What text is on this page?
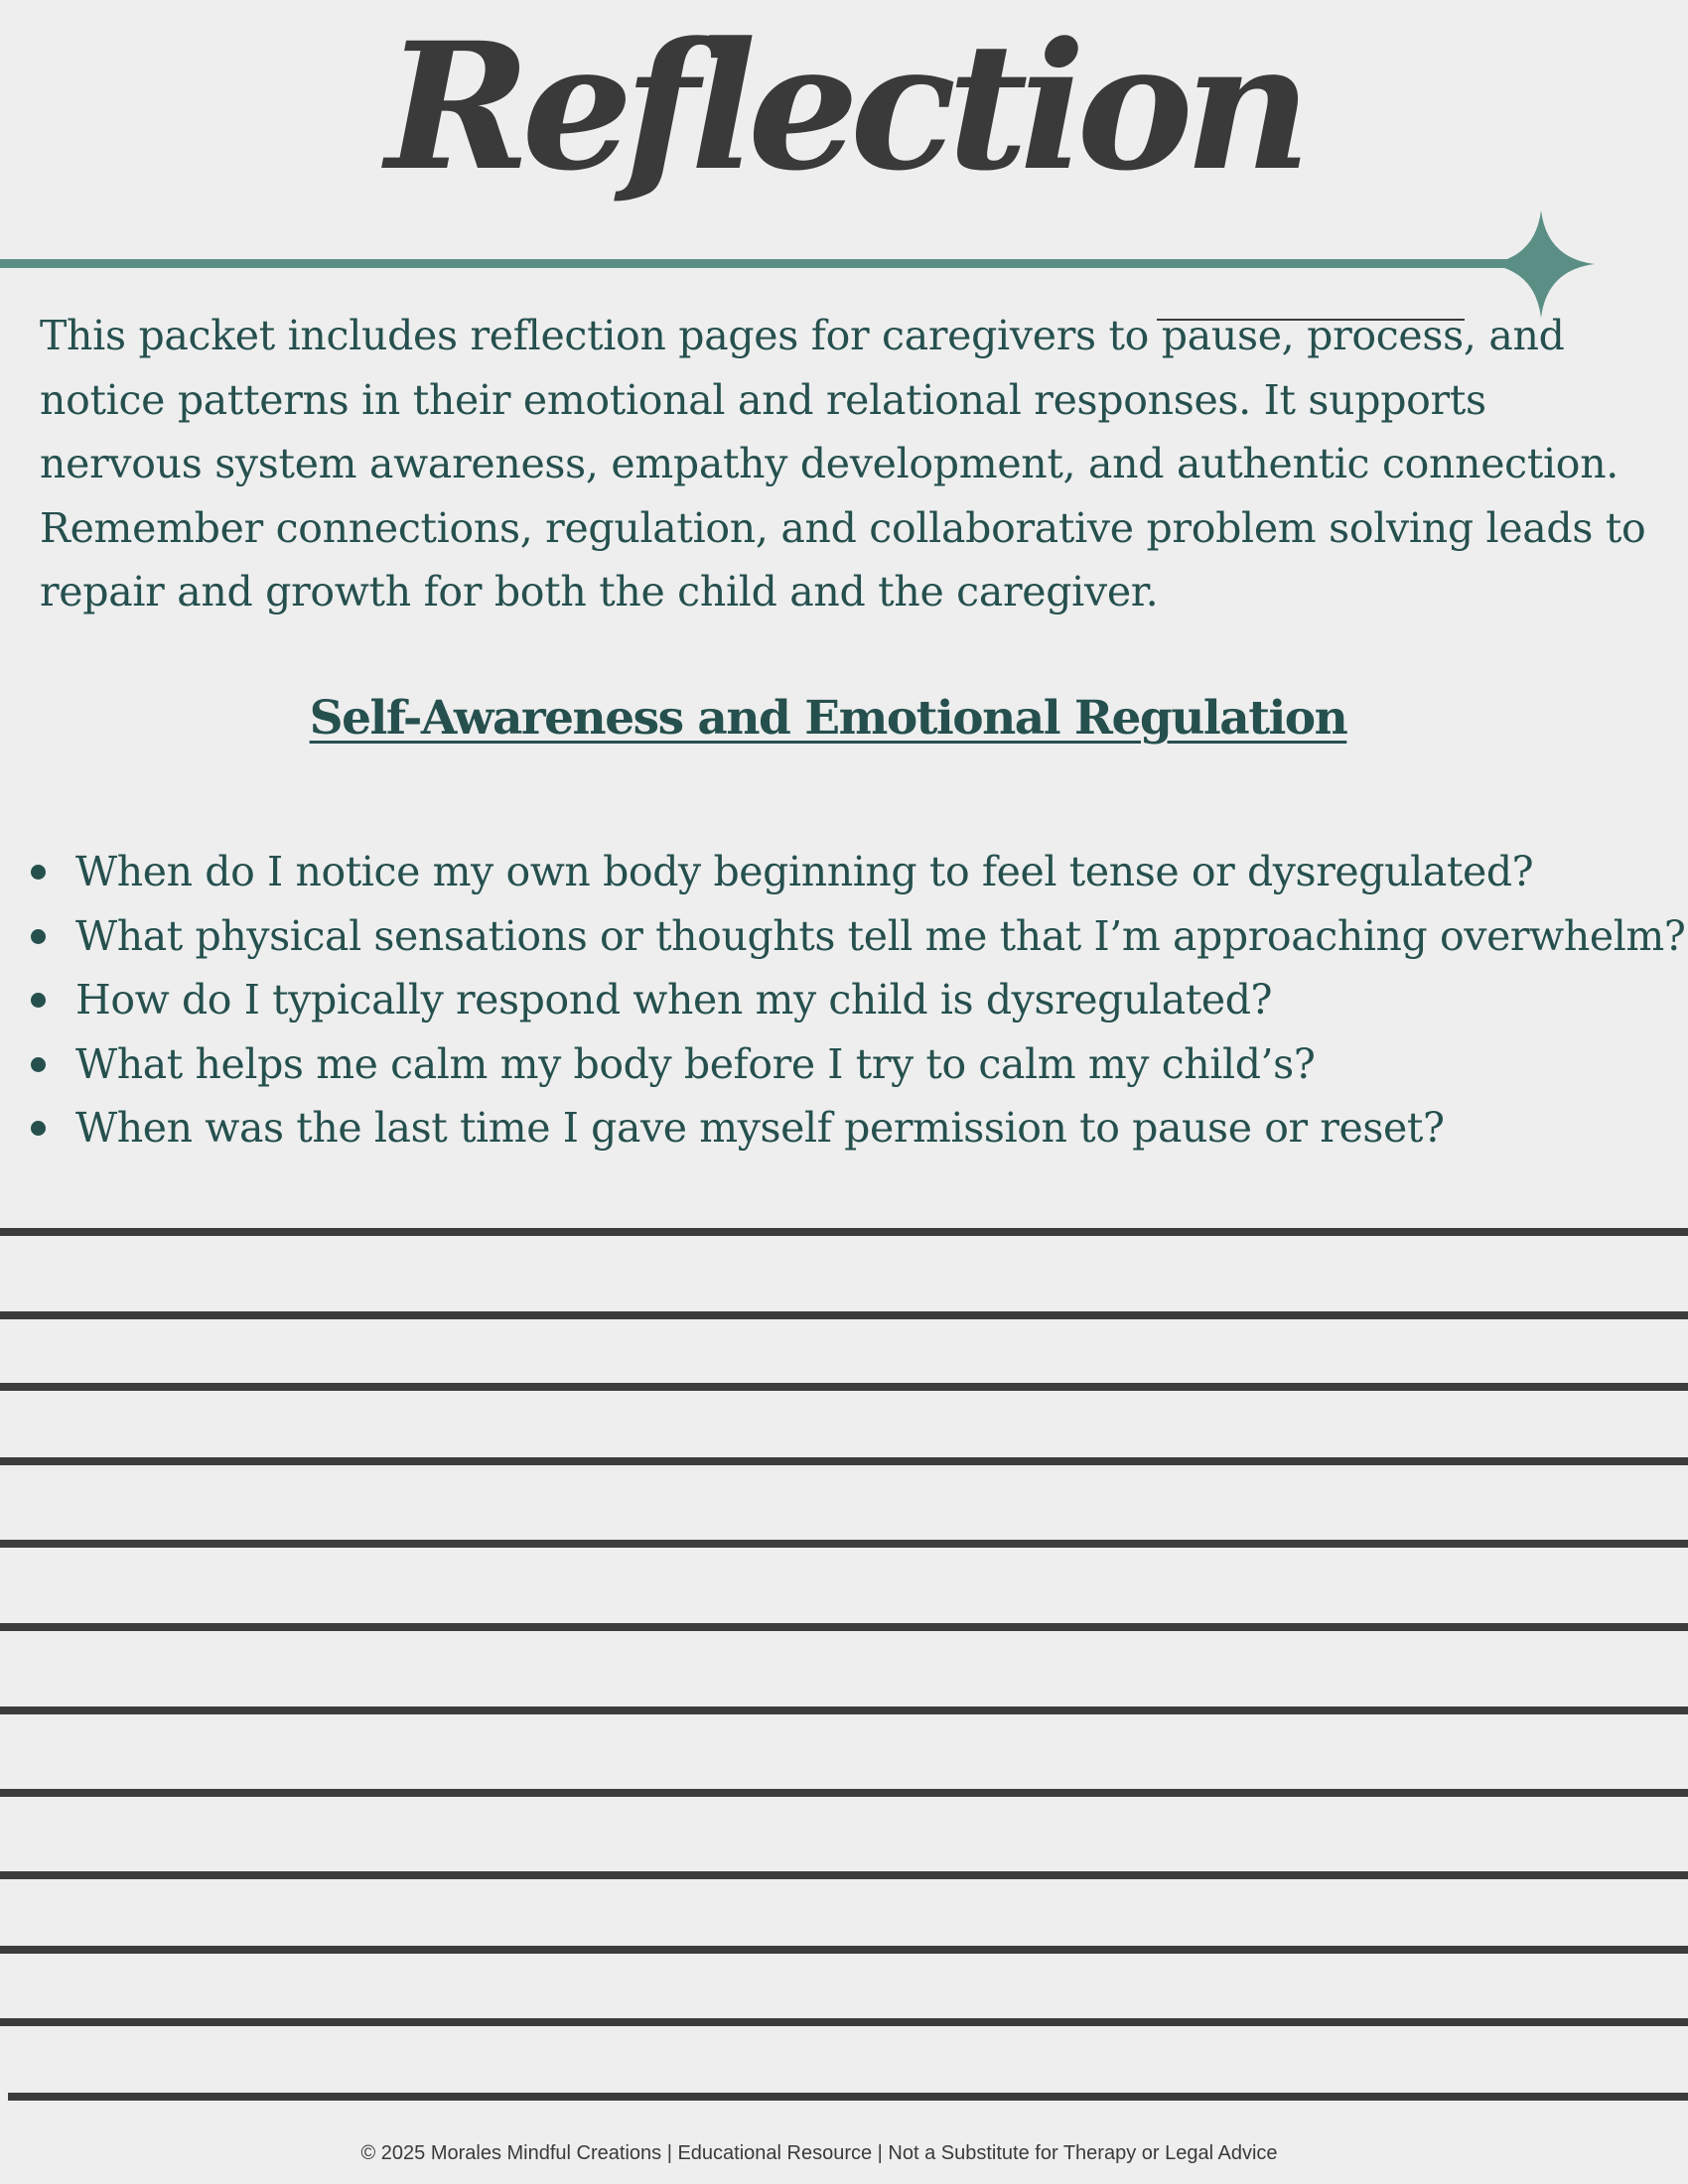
Reflection

This packet includes reflection pages for caregivers to pause, process, and notice patterns in their emotional and relational responses. It supports nervous system awareness, empathy development, and authentic connection. Remember connections, regulation, and collaborative problem solving leads to repair and growth for both the child and the caregiver.

Self-Awareness and Emotional Regulation
When do I notice my own body beginning to feel tense or dysregulated?
What physical sensations or thoughts tell me that I’m approaching overwhelm?
How do I typically respond when my child is dysregulated?
What helps me calm my body before I try to calm my child’s?
When was the last time I gave myself permission to pause or reset?

© 2025 Morales Mindful Creations | Educational Resource | Not a Substitute for Therapy or Legal Advice
